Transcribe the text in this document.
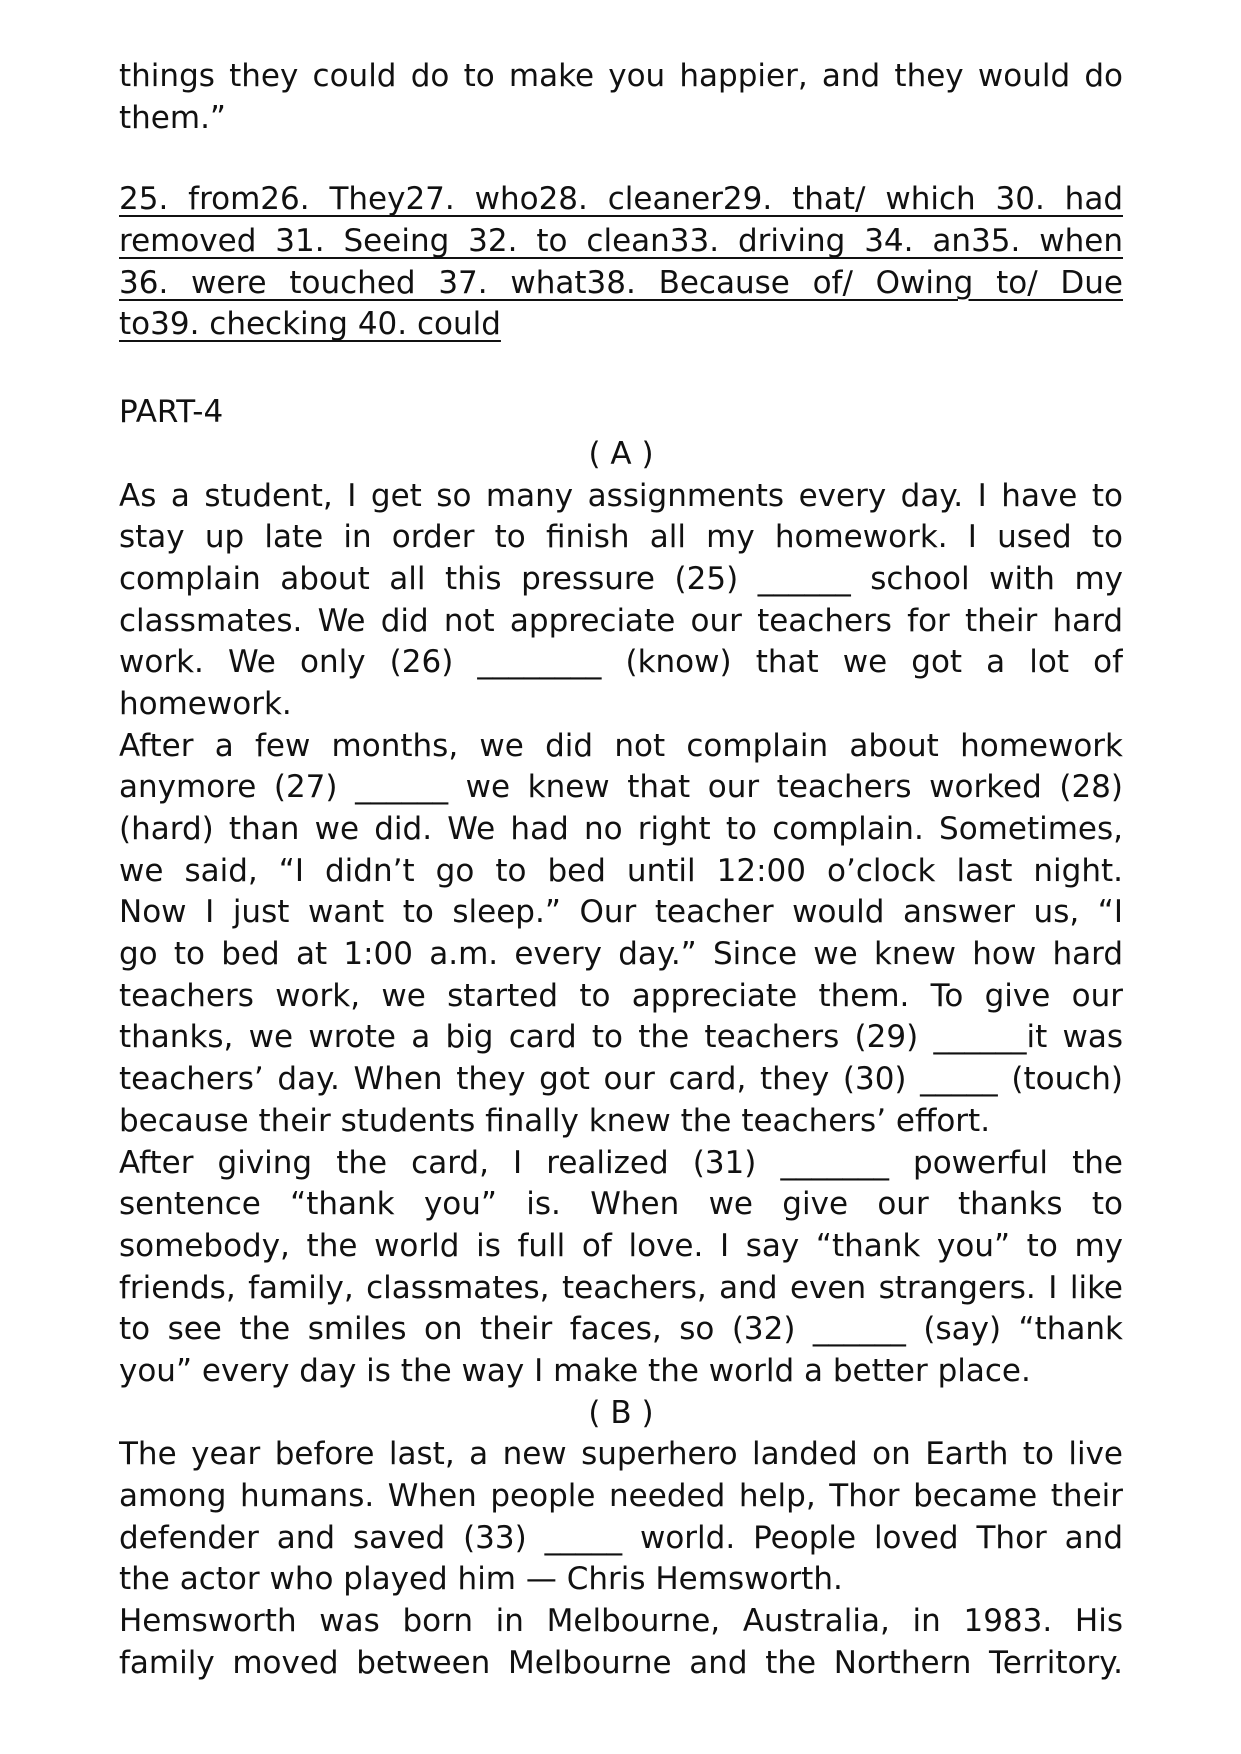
things they could do to make you happier, and they would do
them.”
25. from26. They27. who28. cleaner29. that/ which 30. had
removed 31. Seeing 32. to clean33. driving 34. an35. when
36. were touched 37. what38. Because of/ Owing to/ Due
to39. checking 40. could
PART-4
( A )
As a student, I get so many assignments every day. I have to
stay up late in order to finish all my homework. I used to
complain about all this pressure (25) ______ school with my
classmates. We did not appreciate our teachers for their hard
work. We only (26) ________ (know) that we got a lot of
homework.
After a few months, we did not complain about homework
anymore (27) ______ we knew that our teachers worked (28)
(hard) than we did. We had no right to complain. Sometimes,
we said, “I didn’t go to bed until 12:00 o’clock last night.
Now I just want to sleep.” Our teacher would answer us, “I
go to bed at 1:00 a.m. every day.” Since we knew how hard
teachers work, we started to appreciate them. To give our
thanks, we wrote a big card to the teachers (29) ______it was
teachers’ day. When they got our card, they (30) _____ (touch)
because their students finally knew the teachers’ effort.
After giving the card, I realized (31) _______ powerful the
sentence “thank you” is. When we give our thanks to
somebody, the world is full of love. I say “thank you” to my
friends, family, classmates, teachers, and even strangers. I like
to see the smiles on their faces, so (32) ______ (say) “thank
you” every day is the way I make the world a better place.
( B )
The year before last, a new superhero landed on Earth to live
among humans. When people needed help, Thor became their
defender and saved (33) _____ world. People loved Thor and
the actor who played him — Chris Hemsworth.
Hemsworth was born in Melbourne, Australia, in 1983. His
family moved between Melbourne and the Northern Territory.
